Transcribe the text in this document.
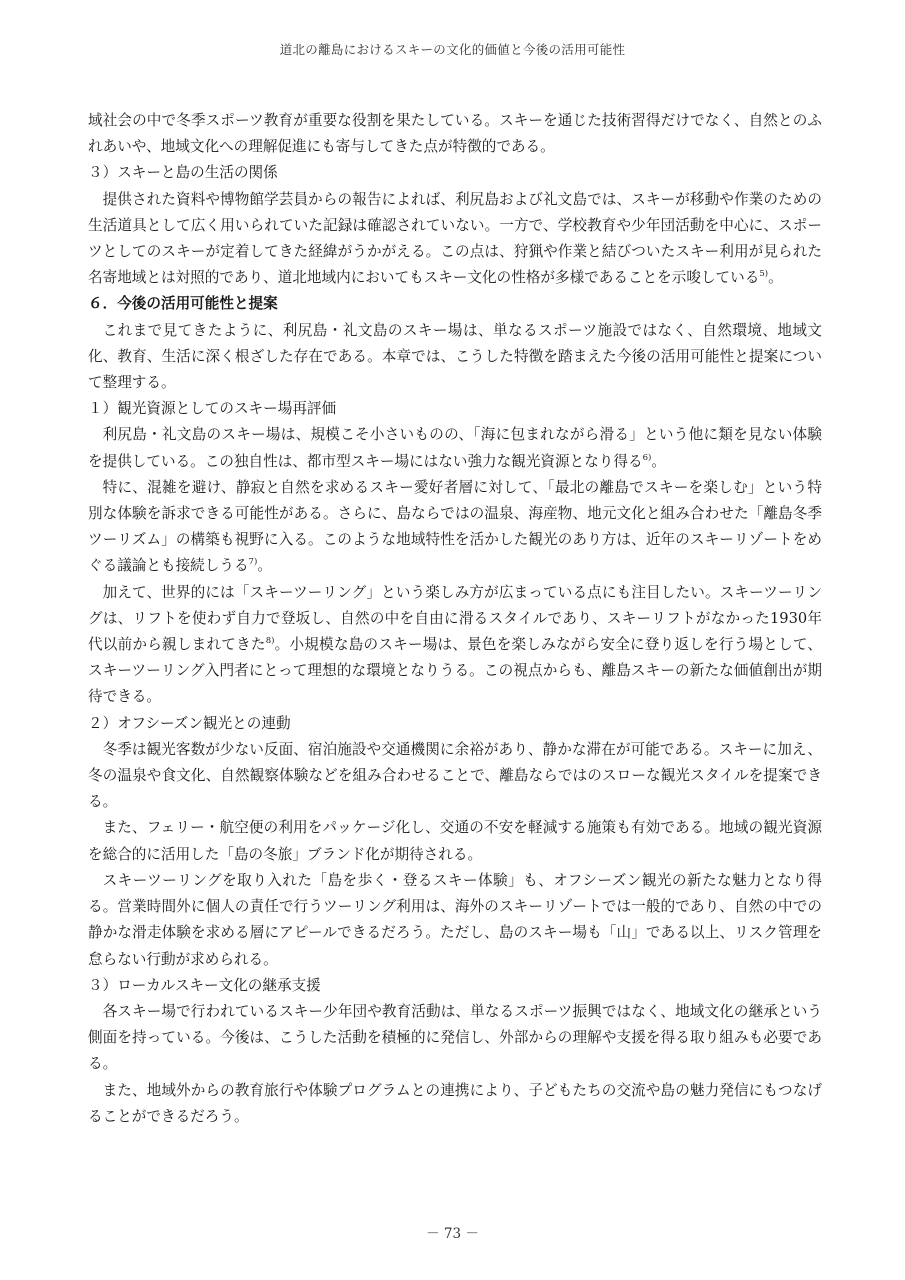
道北の離島におけるスキーの文化的価値と今後の活用可能性

域社会の中で冬季スポーツ教育が重要な役割を果たしている。スキーを通じた技術習得だけでなく、自然とのふれあいや、地域文化への理解促進にも寄与してきた点が特徴的である。

３）スキーと島の生活の関係

提供された資料や博物館学芸員からの報告によれば、利尻島および礼文島では、スキーが移動や作業のための生活道具として広く用いられていた記録は確認されていない。一方で、学校教育や少年団活動を中心に、スポーツとしてのスキーが定着してきた経緯がうかがえる。この点は、狩猟や作業と結びついたスキー利用が見られた名寄地域とは対照的であり、道北地域内においてもスキー文化の性格が多様であることを示唆している$^{5)}$。

６．今後の活用可能性と提案

これまで見てきたように、利尻島・礼文島のスキー場は、単なるスポーツ施設ではなく、自然環境、地域文化、教育、生活に深く根ざした存在である。本章では、こうした特徴を踏まえた今後の活用可能性と提案について整理する。

１）観光資源としてのスキー場再評価

利尻島・礼文島のスキー場は、規模こそ小さいものの、「海に包まれながら滑る」という他に類を見ない体験を提供している。この独自性は、都市型スキー場にはない強力な観光資源となり得る$^{6)}$。

特に、混雑を避け、静寂と自然を求めるスキー愛好者層に対して、「最北の離島でスキーを楽しむ」という特別な体験を訴求できる可能性がある。さらに、島ならではの温泉、海産物、地元文化と組み合わせた「離島冬季ツーリズム」の構築も視野に入る。このような地域特性を活かした観光のあり方は、近年のスキーリゾートをめぐる議論とも接続しうる$^{7)}$。

加えて、世界的には「スキーツーリング」という楽しみ方が広まっている点にも注目したい。スキーツーリングは、リフトを使わず自力で登坂し、自然の中を自由に滑るスタイルであり、スキーリフトがなかった1930年代以前から親しまれてきた$^{8)}$。小規模な島のスキー場は、景色を楽しみながら安全に登り返しを行う場として、スキーツーリング入門者にとって理想的な環境となりうる。この視点からも、離島スキーの新たな価値創出が期待できる。

２）オフシーズン観光との連動

冬季は観光客数が少ない反面、宿泊施設や交通機関に余裕があり、静かな滞在が可能である。スキーに加え、冬の温泉や食文化、自然観察体験などを組み合わせることで、離島ならではのスローな観光スタイルを提案できる。

また、フェリー・航空便の利用をパッケージ化し、交通の不安を軽減する施策も有効である。地域の観光資源を総合的に活用した「島の冬旅」ブランド化が期待される。

スキーツーリングを取り入れた「島を歩く・登るスキー体験」も、オフシーズン観光の新たな魅力となり得る。営業時間外に個人の責任で行うツーリング利用は、海外のスキーリゾートでは一般的であり、自然の中での静かな滑走体験を求める層にアピールできるだろう。ただし、島のスキー場も「山」である以上、リスク管理を怠らない行動が求められる。

３）ローカルスキー文化の継承支援

各スキー場で行われているスキー少年団や教育活動は、単なるスポーツ振興ではなく、地域文化の継承という側面を持っている。今後は、こうした活動を積極的に発信し、外部からの理解や支援を得る取り組みも必要である。

また、地域外からの教育旅行や体験プログラムとの連携により、子どもたちの交流や島の魅力発信にもつなげることができるだろう。

－ 73 －
